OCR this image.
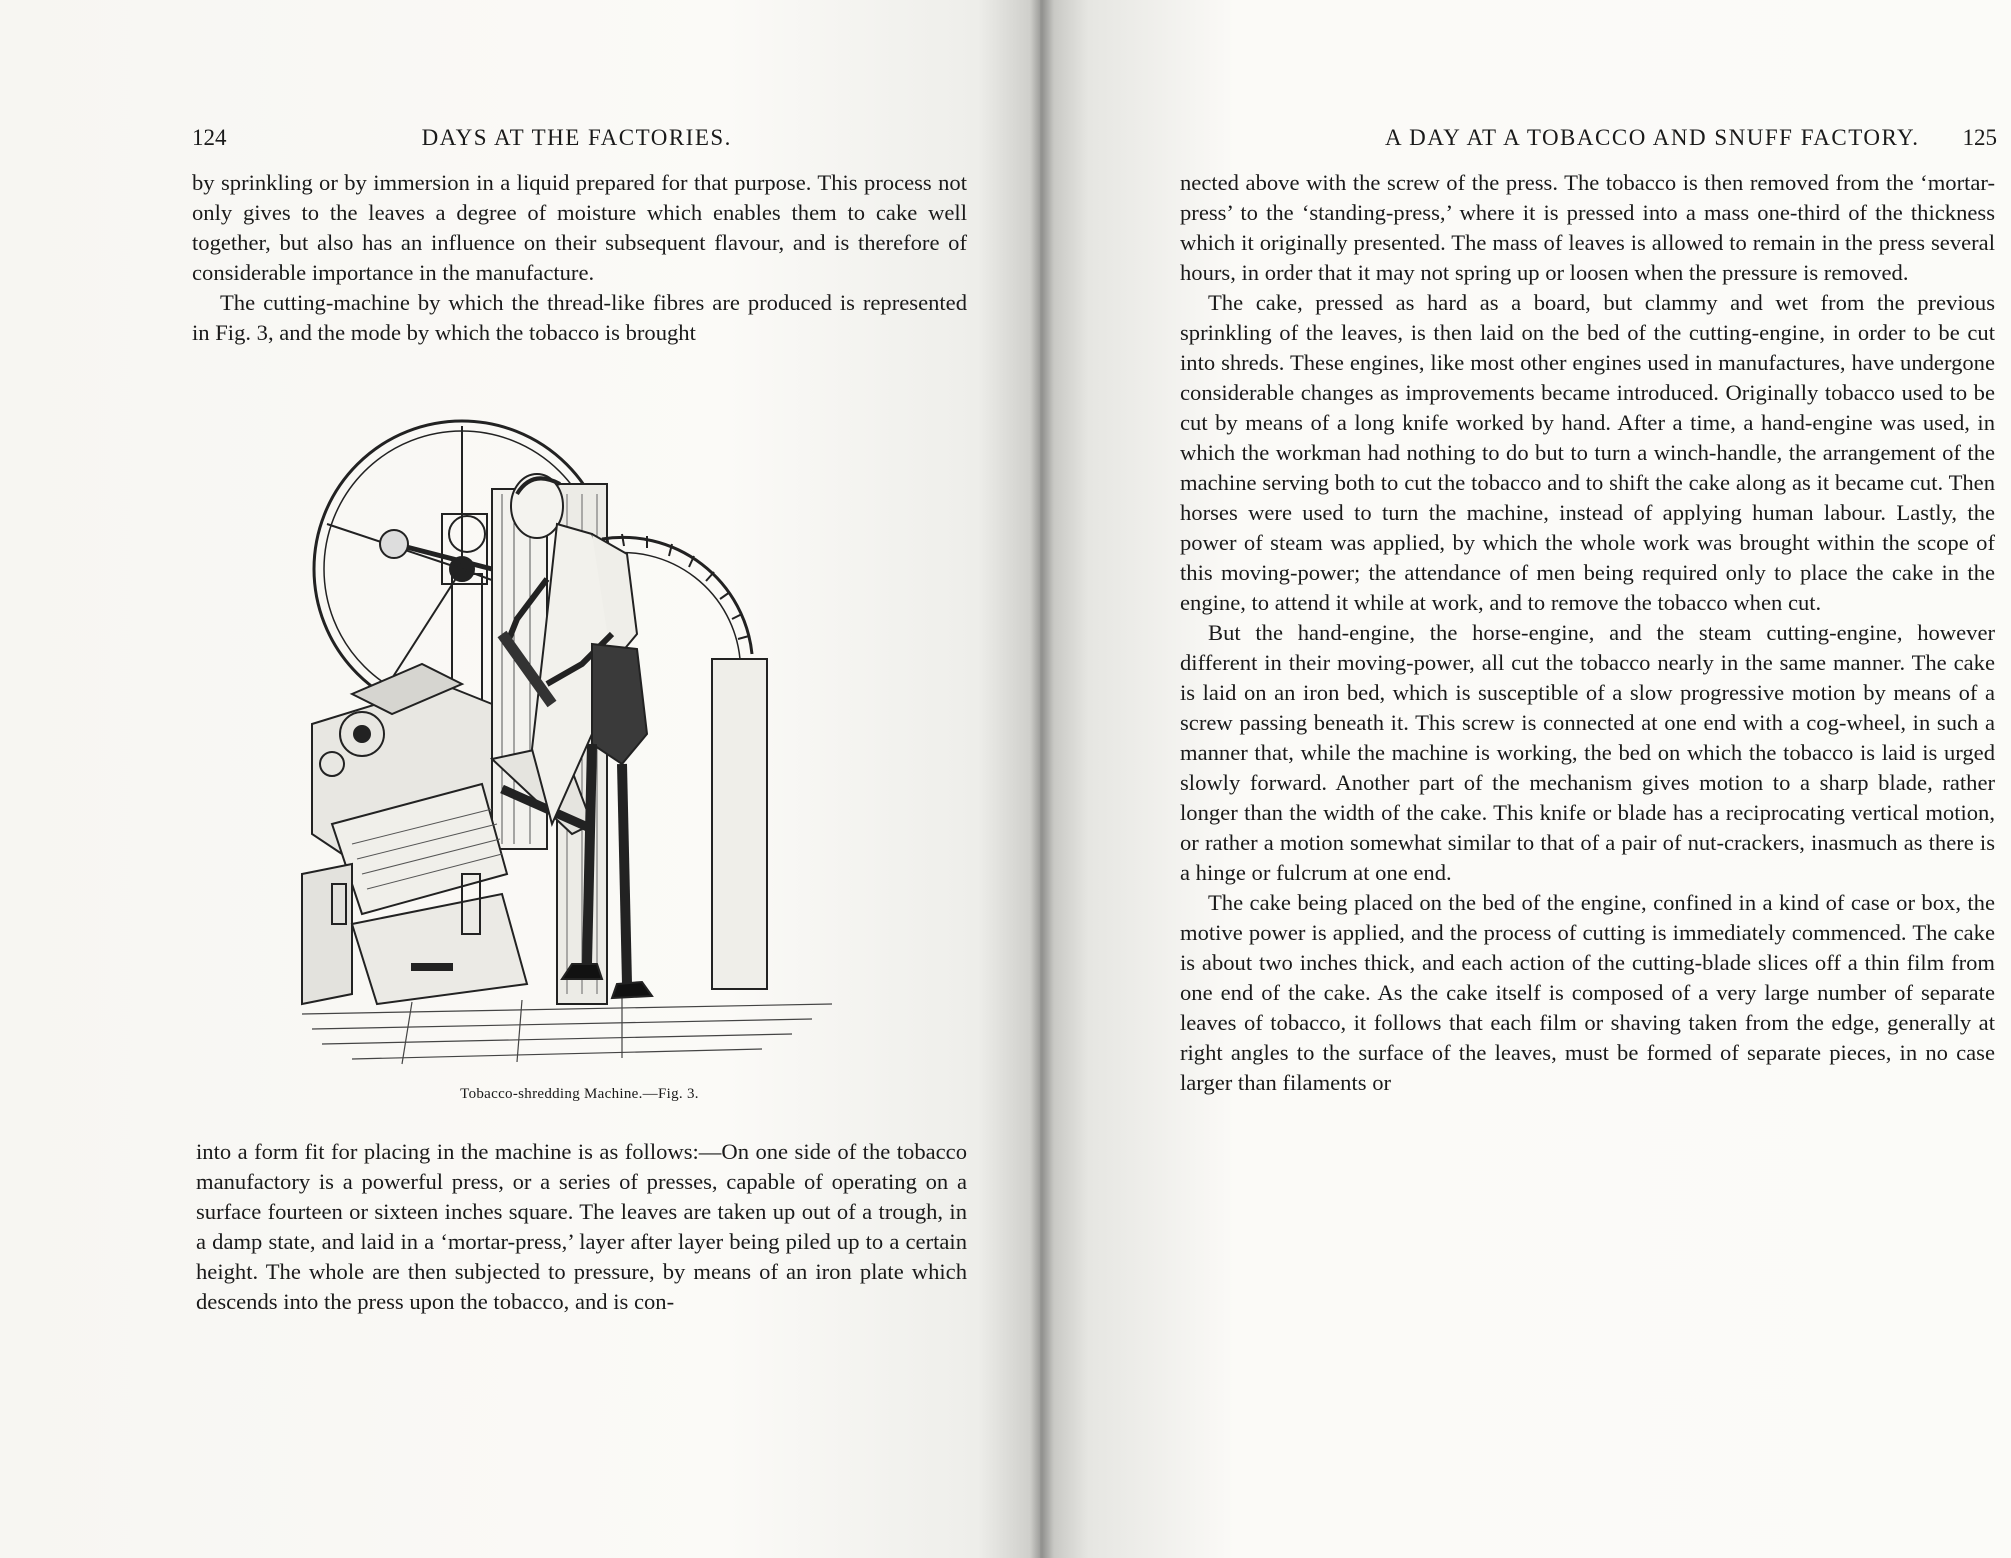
124	DAYS AT THE FACTORIES.

by sprinkling or by immersion in a liquid prepared for that purpose. This process not only gives to the leaves a degree of moisture which enables them to cake well together, but also has an influence on their subsequent flavour, and is therefore of considerable importance in the manufacture.

The cutting-machine by which the thread-like fibres are produced is represented in Fig. 3, and the mode by which the tobacco is brought

Tobacco-shredding Machine.—Fig. 3.

into a form fit for placing in the machine is as follows:—On one side of the tobacco manufactory is a powerful press, or a series of presses, capable of operating on a surface fourteen or sixteen inches square. The leaves are taken up out of a trough, in a damp state, and laid in a ‘mortar-press,’ layer after layer being piled up to a certain height. The whole are then subjected to pressure, by means of an iron plate which descends into the press upon the tobacco, and is con-

A DAY AT A TOBACCO AND SNUFF FACTORY. 125

nected above with the screw of the press. The tobacco is then removed from the ‘mortar-press’ to the ‘standing-press,’ where it is pressed into a mass one-third of the thickness which it originally presented. The mass of leaves is allowed to remain in the press several hours, in order that it may not spring up or loosen when the pressure is removed.

The cake, pressed as hard as a board, but clammy and wet from the previous sprinkling of the leaves, is then laid on the bed of the cutting-engine, in order to be cut into shreds. These engines, like most other engines used in manufactures, have undergone considerable changes as improvements became introduced. Originally tobacco used to be cut by means of a long knife worked by hand. After a time, a hand-engine was used, in which the workman had nothing to do but to turn a winch-handle, the arrangement of the machine serving both to cut the tobacco and to shift the cake along as it became cut. Then horses were used to turn the machine, instead of applying human labour. Lastly, the power of steam was applied, by which the whole work was brought within the scope of this moving-power; the attendance of men being required only to place the cake in the engine, to attend it while at work, and to remove the tobacco when cut.

But the hand-engine, the horse-engine, and the steam cutting-engine, however different in their moving-power, all cut the tobacco nearly in the same manner. The cake is laid on an iron bed, which is susceptible of a slow progressive motion by means of a screw passing beneath it. This screw is connected at one end with a cog-wheel, in such a manner that, while the machine is working, the bed on which the tobacco is laid is urged slowly forward. Another part of the mechanism gives motion to a sharp blade, rather longer than the width of the cake. This knife or blade has a reciprocating vertical motion, or rather a motion somewhat similar to that of a pair of nut-crackers, inasmuch as there is a hinge or fulcrum at one end.

The cake being placed on the bed of the engine, confined in a kind of case or box, the motive power is applied, and the process of cutting is immediately commenced. The cake is about two inches thick, and each action of the cutting-blade slices off a thin film from one end of the cake. As the cake itself is composed of a very large number of separate leaves of tobacco, it follows that each film or shaving taken from the edge, generally at right angles to the surface of the leaves, must be formed of separate pieces, in no case larger than filaments or
